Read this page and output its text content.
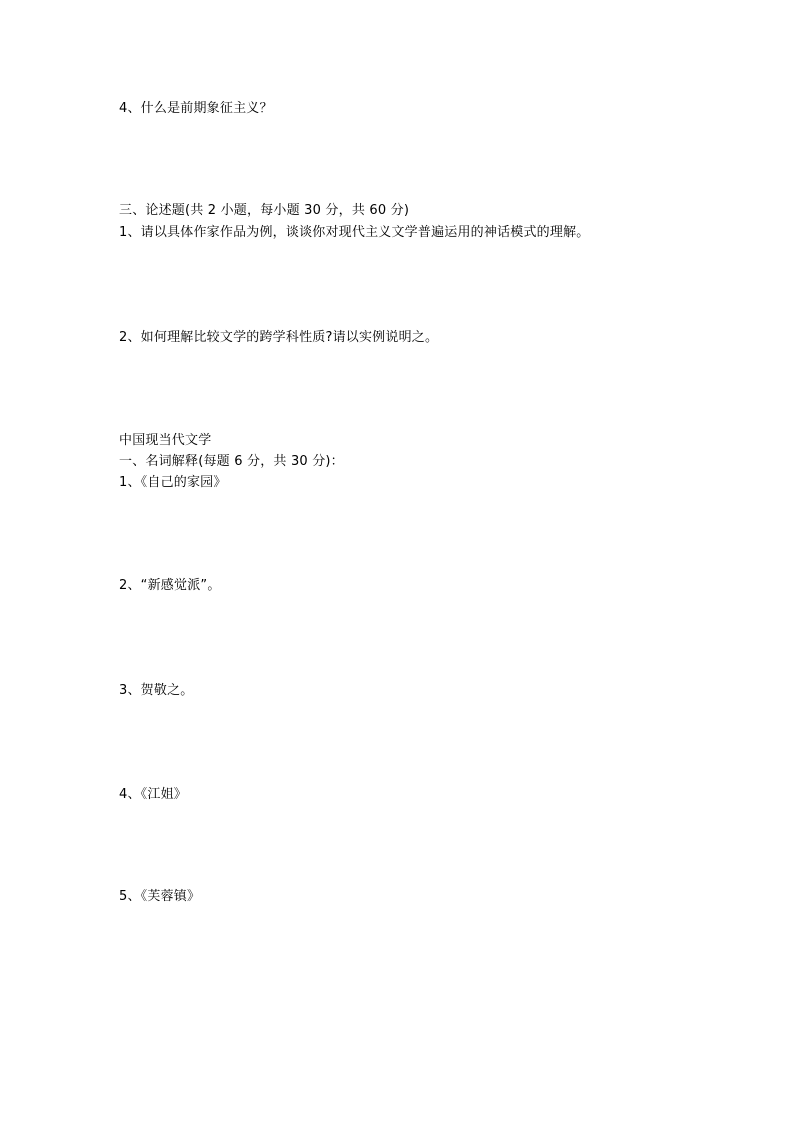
4、什么是前期象征主义？
三、论述题(共 2 小题，每小题 30 分，共 60 分)
1、请以具体作家作品为例，谈谈你对现代主义文学普遍运用的神话模式的理解。
2、如何理解比较文学的跨学科性质?请以实例说明之。
中国现当代文学
一、名词解释(每题 6 分，共 30 分)：
1、《自己的家园》
2、“新感觉派”。
3、贺敬之。
4、《江姐》
5、《芙蓉镇》
